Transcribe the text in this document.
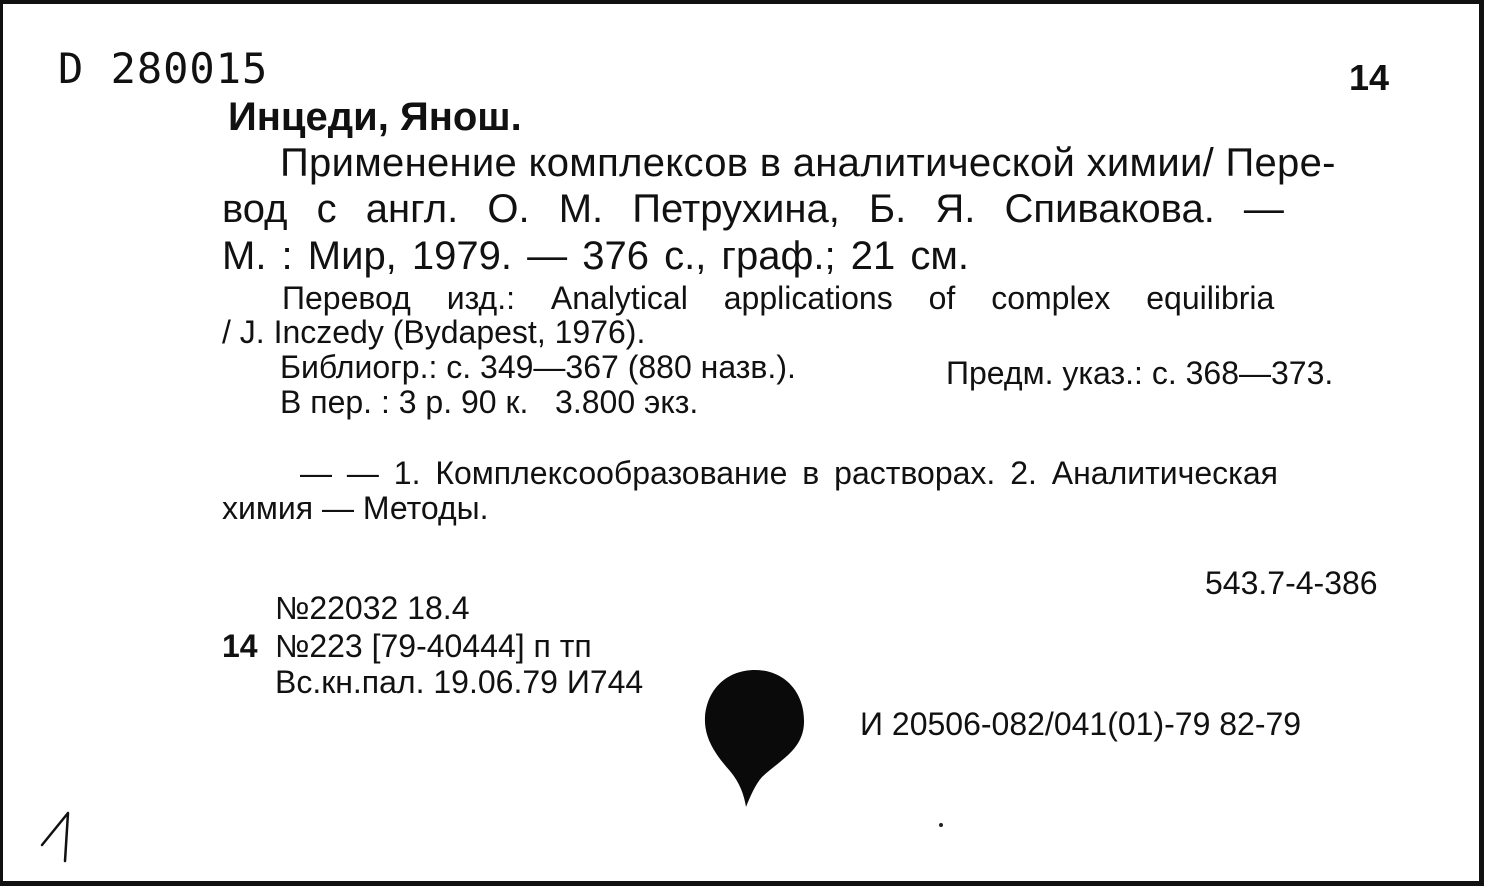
D 280015	14
Инцеди, Янош.
Применение комплексов в аналитической химии/ Пере-
вод с англ. О. М. Петрухина, Б. Я. Спивакова. —
М. : Мир, 1979. — 376 с., граф.; 21 см.
Перевод изд.: Analytical applications of complex equilibria
/ J. Inczedy (Bydapest, 1976).
Библиогр.: с. 349—367 (880 назв.).	Предм. указ.: с. 368—373.
В пер. : 3 р. 90 к.   3.800 экз.
— — 1. Комплексообразование в растворах. 2. Аналитическая
химия — Методы.
543.7-4-386
№22032 18.4
14 №223 [79-40444] п тп
Вс.кн.пал. 19.06.79 И744
И 20506-082/041(01)-79 82-79
